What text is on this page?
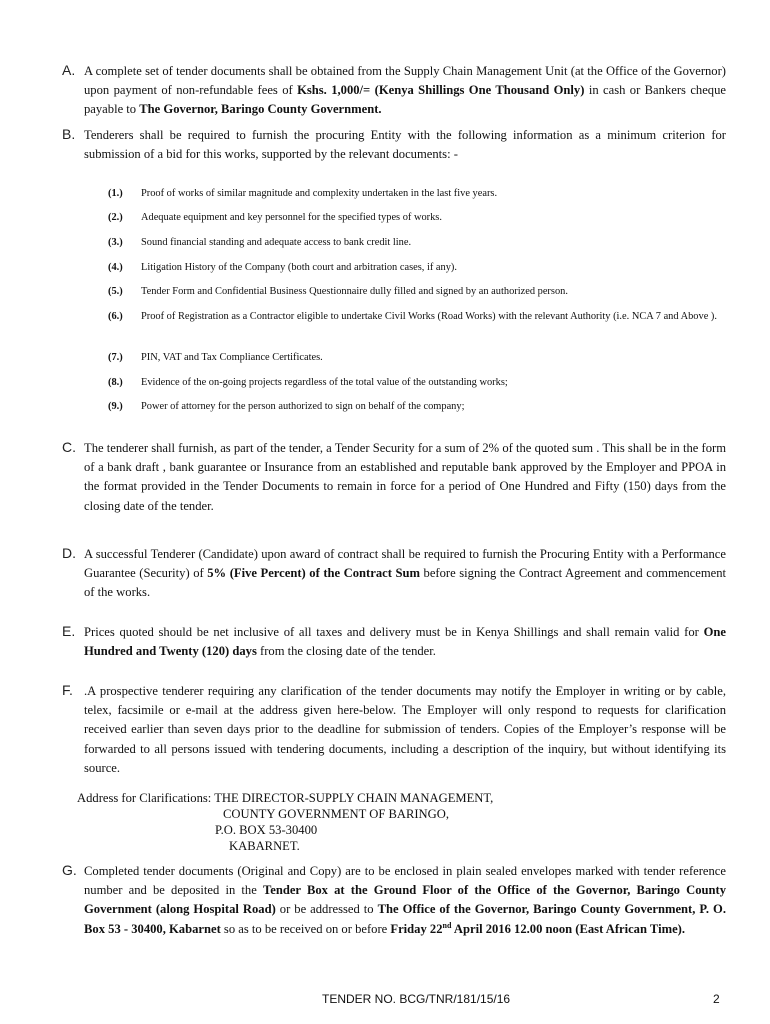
A. A complete set of tender documents shall be obtained from the Supply Chain Management Unit (at the Office of the Governor) upon payment of non-refundable fees of Kshs. 1,000/= (Kenya Shillings One Thousand Only) in cash or Bankers cheque payable to The Governor, Baringo County Government.
B. Tenderers shall be required to furnish the procuring Entity with the following information as a minimum criterion for submission of a bid for this works, supported by the relevant documents: -
(1.) Proof of works of similar magnitude and complexity undertaken in the last five years.
(2.) Adequate equipment and key personnel for the specified types of works.
(3.) Sound financial standing and adequate access to bank credit line.
(4.) Litigation History of the Company (both court and arbitration cases, if any).
(5.) Tender Form and Confidential Business Questionnaire dully filled and signed by an authorized person.
(6.) Proof of Registration as a Contractor eligible to undertake Civil Works (Road Works) with the relevant Authority (i.e. NCA 7 and Above ).
(7.) PIN, VAT and Tax Compliance Certificates.
(8.) Evidence of the on-going projects regardless of the total value of the outstanding works;
(9.) Power of attorney for the person authorized to sign on behalf of the company;
C. The tenderer shall furnish, as part of the tender, a Tender Security for a sum of 2% of the quoted sum . This shall be in the form of a bank draft , bank guarantee or Insurance from an established and reputable bank approved by the Employer and PPOA in the format provided in the Tender Documents to remain in force for a period of One Hundred and Fifty (150) days from the closing date of the tender.
D. A successful Tenderer (Candidate) upon award of contract shall be required to furnish the Procuring Entity with a Performance Guarantee (Security) of 5% (Five Percent) of the Contract Sum before signing the Contract Agreement and commencement of the works.
E. Prices quoted should be net inclusive of all taxes and delivery must be in Kenya Shillings and shall remain valid for One Hundred and Twenty (120) days from the closing date of the tender.
F. .A prospective tenderer requiring any clarification of the tender documents may notify the Employer in writing or by cable, telex, facsimile or e-mail at the address given here-below. The Employer will only respond to requests for clarification received earlier than seven days prior to the deadline for submission of tenders. Copies of the Employer’s response will be forwarded to all persons issued with tendering documents, including a description of the inquiry, but without identifying its source.
Address for Clarifications: THE DIRECTOR-SUPPLY CHAIN MANAGEMENT,
COUNTY GOVERNMENT OF BARINGO,
P.O. BOX 53-30400
KABARNET.
G. Completed tender documents (Original and Copy) are to be enclosed in plain sealed envelopes marked with tender reference number and be deposited in the Tender Box at the Ground Floor of the Office of the Governor, Baringo County Government (along Hospital Road) or be addressed to The Office of the Governor, Baringo County Government, P. O. Box 53 - 30400, Kabarnet so as to be received on or before Friday 22nd April 2016 12.00 noon (East African Time).
TENDER NO. BCG/TNR/181/15/16	2
